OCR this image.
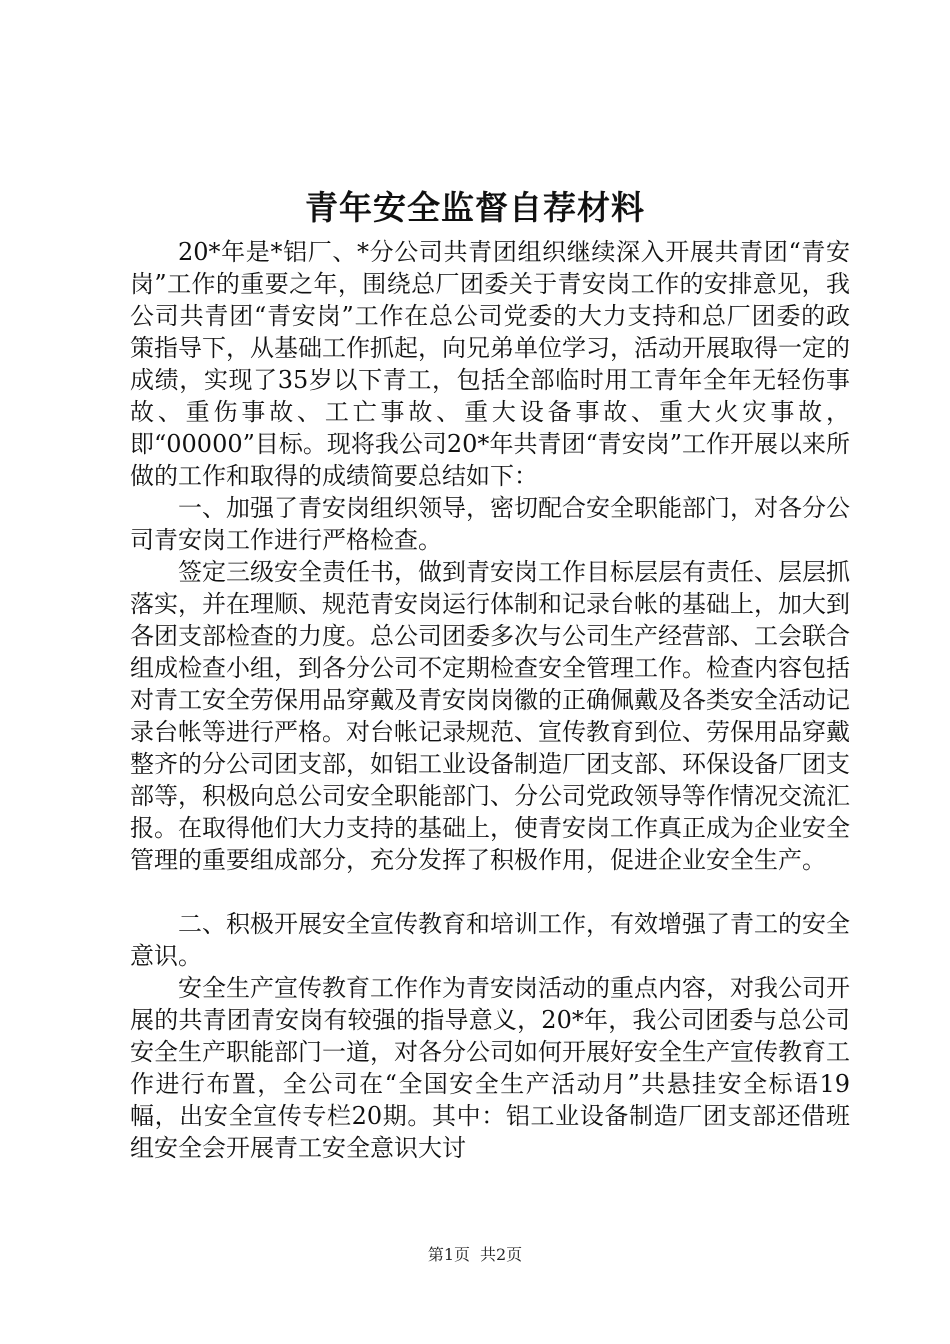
青年安全监督自荐材料

20*年是*铝厂、*分公司共青团组织继续深入开展共青团“青安岗”工作的重要之年，围绕总厂团委关于青安岗工作的安排意见，我公司共青团“青安岗”工作在总公司党委的大力支持和总厂团委的政策指导下，从基础工作抓起，向兄弟单位学习，活动开展取得一定的成绩，实现了35岁以下青工，包括全部临时用工青年全年无轻伤事故、重伤事故、工亡事故、重大设备事故、重大火灾事故，即“00000”目标。现将我公司20*年共青团“青安岗”工作开展以来所做的工作和取得的成绩简要总结如下：

一、加强了青安岗组织领导，密切配合安全职能部门，对各分公司青安岗工作进行严格检查。

签定三级安全责任书，做到青安岗工作目标层层有责任、层层抓落实，并在理顺、规范青安岗运行体制和记录台帐的基础上，加大到各团支部检查的力度。总公司团委多次与公司生产经营部、工会联合组成检查小组，到各分公司不定期检查安全管理工作。检查内容包括对青工安全劳保用品穿戴及青安岗岗徽的正确佩戴及各类安全活动记录台帐等进行严格。对台帐记录规范、宣传教育到位、劳保用品穿戴整齐的分公司团支部，如铝工业设备制造厂团支部、环保设备厂团支部等，积极向总公司安全职能部门、分公司党政领导等作情况交流汇报。在取得他们大力支持的基础上，使青安岗工作真正成为企业安全管理的重要组成部分，充分发挥了积极作用，促进企业安全生产。

二、积极开展安全宣传教育和培训工作，有效增强了青工的安全意识。

安全生产宣传教育工作作为青安岗活动的重点内容，对我公司开展的共青团青安岗有较强的指导意义，20*年，我公司团委与总公司安全生产职能部门一道，对各分公司如何开展好安全生产宣传教育工作进行布置，全公司在“全国安全生产活动月”共悬挂安全标语19幅，出安全宣传专栏20期。其中：铝工业设备制造厂团支部还借班组安全会开展青工安全意识大讨

第1页 共2页
